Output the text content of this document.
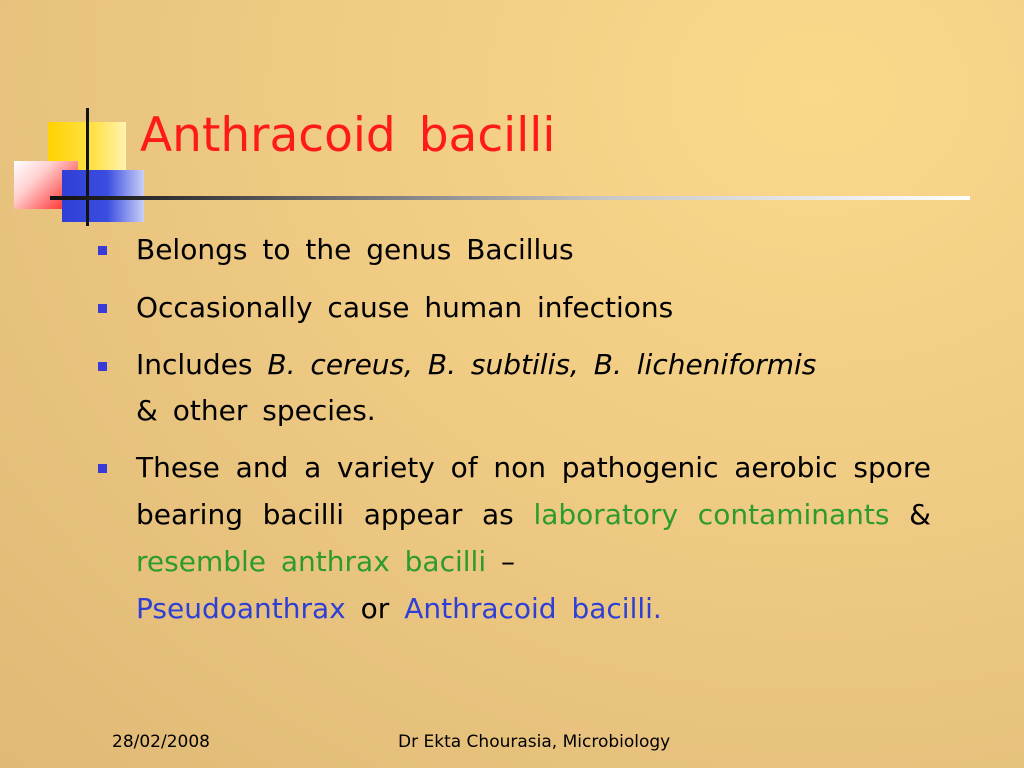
Anthracoid bacilli
Belongs to the genus Bacillus
Occasionally cause human infections
Includes B. cereus, B. subtilis, B. licheniformis
& other species.
These and a variety of non pathogenic aerobic spore bearing bacilli appear as laboratory contaminants & resemble anthrax bacilli –
Pseudoanthrax or Anthracoid bacilli.
28/02/2008	Dr Ekta Chourasia, Microbiology
